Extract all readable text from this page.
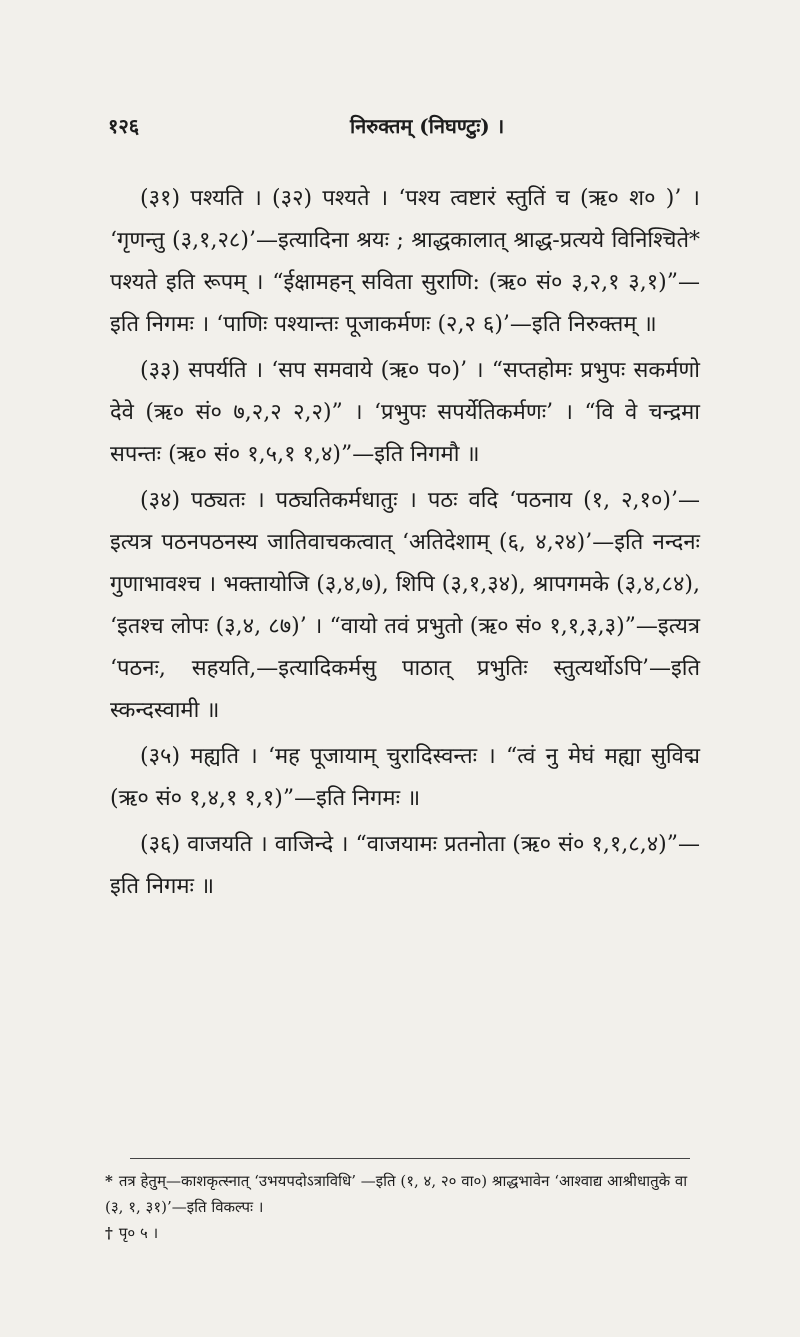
१२६	निरुक्तम् (निघण्टुः) ।

(३१) पश्यति । (३२) पश्यते । ‘पश्य त्वष्टारं स्तुतिं च (ऋ० श० )’ । ‘गृणन्तु (३,१,२८)’—इत्यादिना श्रयः ; श्राद्धकालात् श्राद्ध-प्रत्यये विनिश्चिते* पश्यते इति रूपम् । “ईक्षामहन् सविता सुराणि: (ऋ० सं० ३,२,१ ३,१)”—इति निगमः । ‘पाणिः पश्यान्तः पूजाकर्मणः (२,२ ६)’—इति निरुक्तम् ॥

(३३) सपर्यति । ‘सप समवाये (ऋ० प०)’ । “सप्तहोमः प्रभुपः सकर्मणो देवे (ऋ० सं० ७,२,२ २,२)” । ‘प्रभुपः सपर्येतिकर्मणः’ । “वि वे चन्द्रमा सपन्तः (ऋ० सं० १,५,१ १,४)”—इति निगमौ ॥

(३४) पठ्यतः । पठ्यतिकर्मधातुः । पठः वदि ‘पठनाय (१, २,१०)’—इत्यत्र पठनपठनस्य जातिवाचकत्वात् ‘अतिदेशाम् (६, ४,२४)’—इति नन्दनः गुणाभावश्च । भक्तायोजि (३,४,७), शिपि (३,१,३४), श्रापगमके (३,४,८४), ‘इतश्च लोपः (३,४, ८७)’ । “वायो तवं प्रभुतो (ऋ० सं० १,१,३,३)”—इत्यत्र ‘पठनः, सहयति,—इत्यादिकर्मसु पाठात् प्रभुतिः स्तुत्यर्थोऽपि’—इति स्कन्दस्वामी ॥

(३५) मह्यति । ‘मह पूजायाम् चुरादिस्वन्तः । “त्वं नु मेघं मह्या सुविद्म (ऋ० सं० १,४,१ १,१)”—इति निगमः ॥

(३६) वाजयति । वाजिन्दे । “वाजयामः प्रतनोता (ऋ० सं० १,१,८,४)”—इति निगमः ॥

* तत्र हेतुम्—काशकृत्स्नात् ‘उभयपदोऽत्राविधि’ —इति (१, ४, २० वा०) श्राद्धभावेन ‘आश्वाद्य आश्रीधातुके वा (३, १, ३१)’—इति विकल्पः ।

† पृ० ५ ।
